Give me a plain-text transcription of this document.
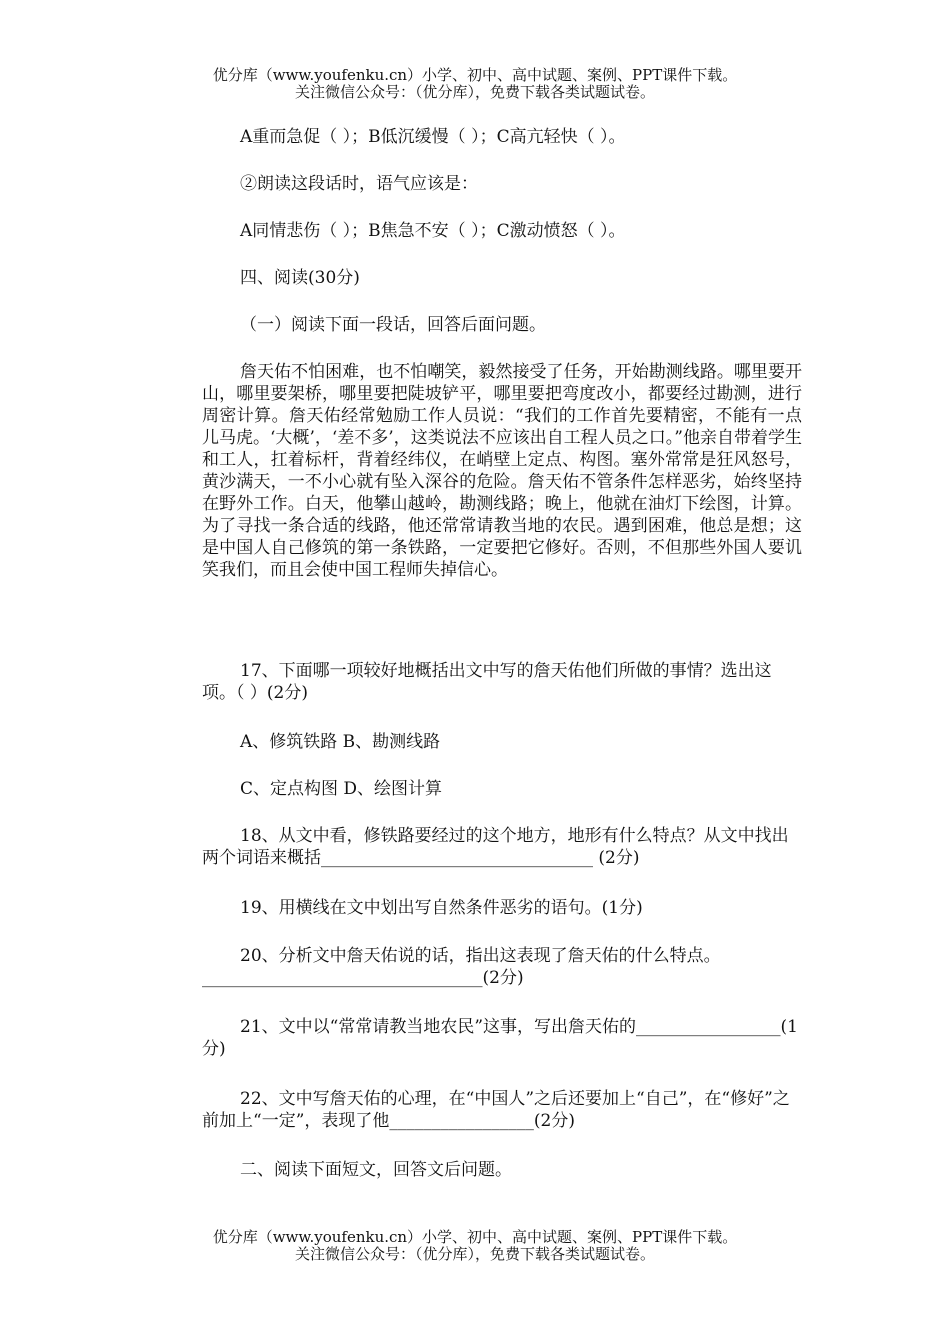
优分库（www.youfenku.cn）小学、初中、高中试题、案例、PPT课件下载。
关注微信公众号：（优分库），免费下载各类试题试卷。
A重而急促（ ）；B低沉缓慢（ ）；C高亢轻快（ ）。
②朗读这段话时，语气应该是：
A同情悲伤（ ）；B焦急不安（ ）；C激动愤怒（ ）。
四、阅读(30分)
（一）阅读下面一段话，回答后面问题。
詹天佑不怕困难，也不怕嘲笑，毅然接受了任务，开始勘测线路。哪里要开山，哪里要架桥，哪里要把陡坡铲平，哪里要把弯度改小，都要经过勘测，进行周密计算。詹天佑经常勉励工作人员说：“我们的工作首先要精密，不能有一点儿马虎。‘大概’，‘差不多’，这类说法不应该出自工程人员之口。”他亲自带着学生和工人，扛着标杆，背着经纬仪，在峭壁上定点、构图。塞外常常是狂风怒号，黄沙满天，一不小心就有坠入深谷的危险。詹天佑不管条件怎样恶劣，始终坚持在野外工作。白天，他攀山越岭，勘测线路；晚上，他就在油灯下绘图，计算。为了寻找一条合适的线路，他还常常请教当地的农民。遇到困难，他总是想；这是中国人自己修筑的第一条铁路，一定要把它修好。否则，不但那些外国人要讥笑我们，而且会使中国工程师失掉信心。
17、下面哪一项较好地概括出文中写的詹天佑他们所做的事情？选出这项。（ ）(2分)
A、修筑铁路 B、勘测线路
C、定点构图 D、绘图计算
18、从文中看，修铁路要经过的这个地方，地形有什么特点？从文中找出两个词语来概括________________________________ (2分)
19、用横线在文中划出写自然条件恶劣的语句。(1分)
20、分析文中詹天佑说的话，指出这表现了詹天佑的什么特点。_________________________________(2分)
21、文中以“常常请教当地农民”这事，写出詹天佑的_________________(1分)
22、文中写詹天佑的心理，在“中国人”之后还要加上“自己”，在“修好”之前加上“一定”，表现了他_________________(2分)
二、阅读下面短文，回答文后问题。
优分库（www.youfenku.cn）小学、初中、高中试题、案例、PPT课件下载。
关注微信公众号：（优分库），免费下载各类试题试卷。
